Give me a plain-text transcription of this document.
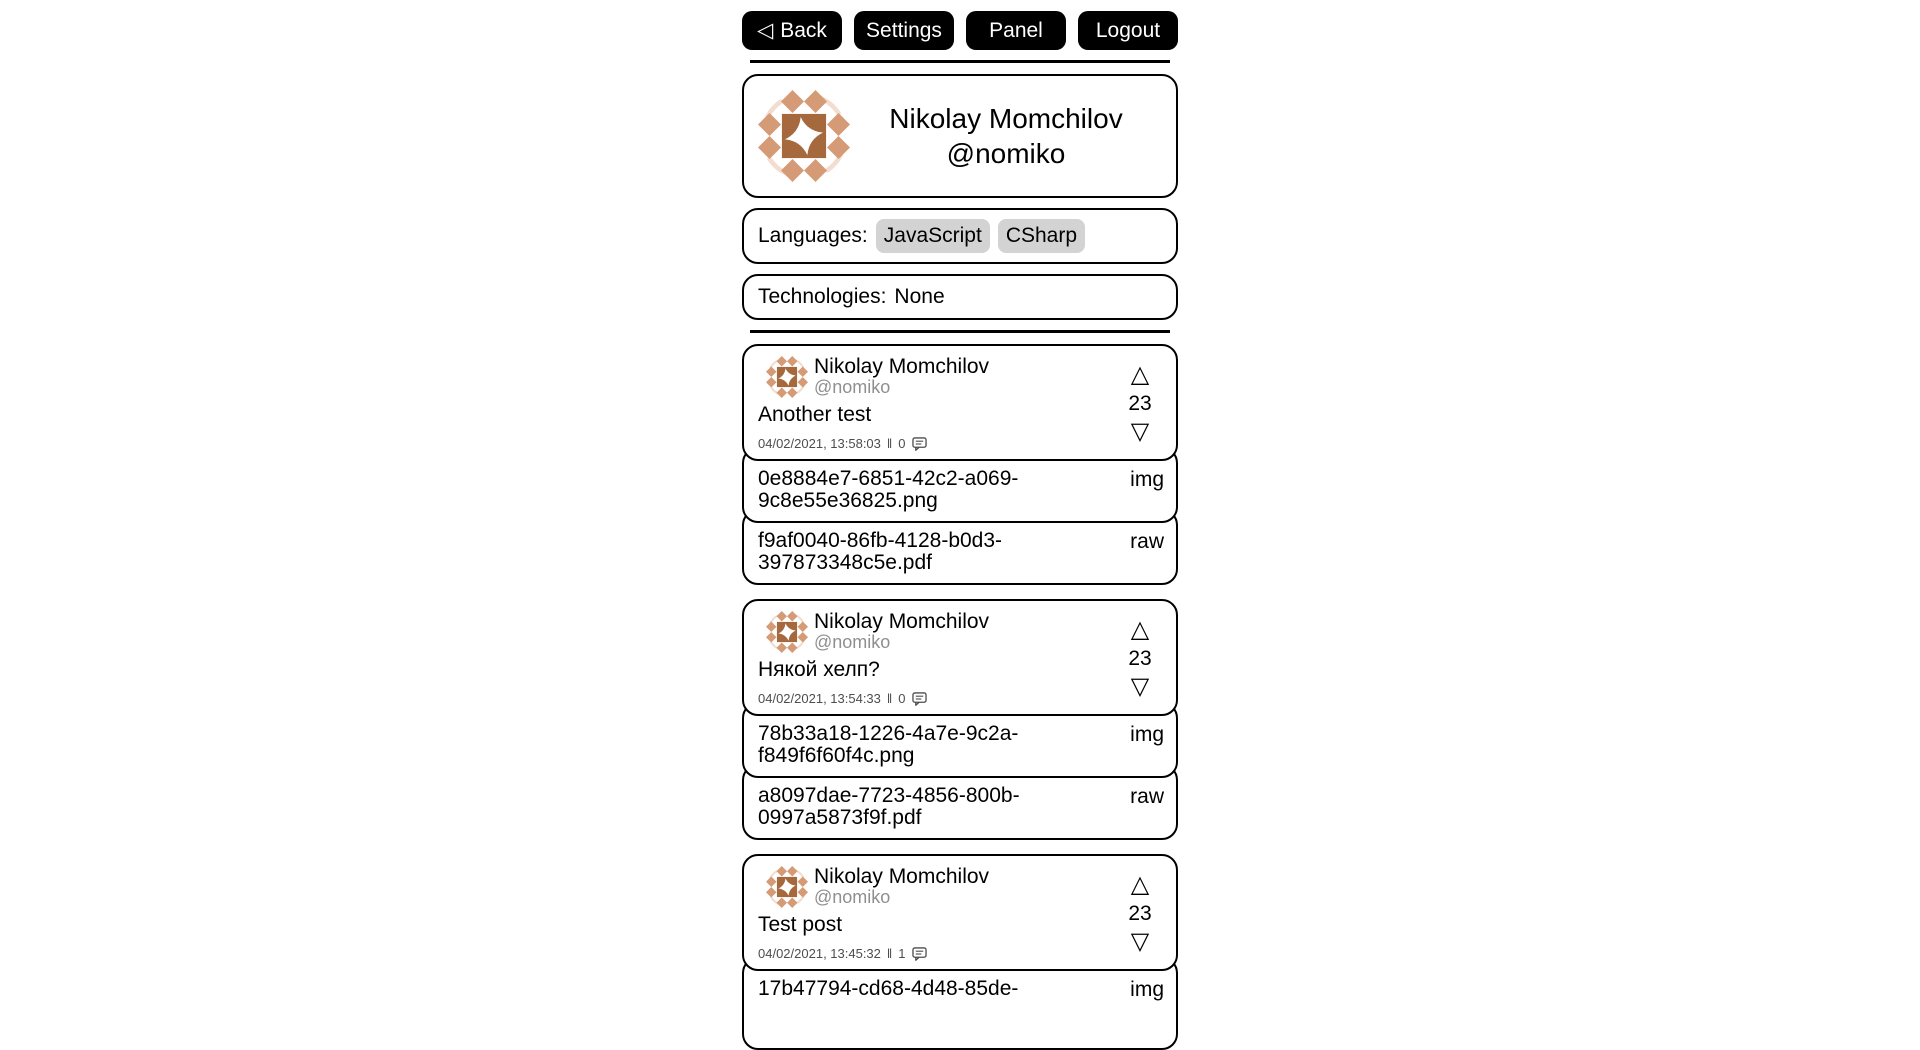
◁ Back Settings Panel	Logout
Nikolay Momchilov
@nomiko
Languages: JavaScript	CSharp
Technologies: None
Nikolay Momchilov
@nomiko
Another test
04/02/2021, 13:58:03 ‖ 0
△
23
▽
0e8884e7-6851-42c2-a069-9c8e55e36825.png
img
f9af0040-86fb-4128-b0d3-397873348c5e.pdf
raw
Nikolay Momchilov
@nomiko
Някой хелп?
04/02/2021, 13:54:33 ‖ 0
△
23
▽
78b33a18-1226-4a7e-9c2a-f849f6f60f4c.png
img
a8097dae-7723-4856-800b-0997a5873f9f.pdf
raw
Nikolay Momchilov
@nomiko
Test post
04/02/2021, 13:45:32 ‖ 1
△
23
▽
17b47794-cd68-4d48-85de-	img
